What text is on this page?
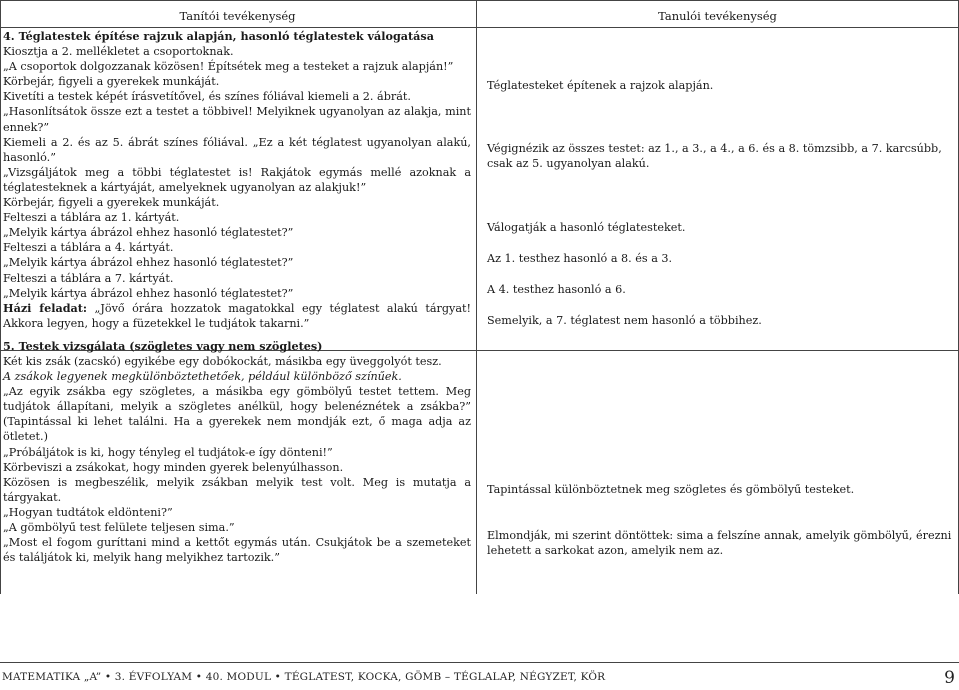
Tanítói tevékenység	Tanulói tevékenység

4. Téglatestek építése rajzuk alapján, hasonló téglatestek válogatása

Kiosztja a 2. mellékletet a csoportoknak.

„A csoportok dolgozzanak közösen! Építsétek meg a testeket a rajzuk alapján!”

Körbejár, figyeli a gyerekek munkáját.

Kivetíti a testek képét írásvetítővel, és színes fóliával kiemeli a 2. ábrát.

„Hasonlítsátok össze ezt a testet a többivel! Melyiknek ugyanolyan az alakja, mint ennek?”

Kiemeli a 2. és az 5. ábrát színes fóliával. „Ez a két téglatest ugyanolyan alakú, hasonló.”

„Vizsgáljátok meg a többi téglatestet is! Rakjátok egymás mellé azoknak a téglatesteknek a kártyáját, amelyeknek ugyanolyan az alakjuk!”

Körbejár, figyeli a gyerekek munkáját.

Felteszi a táblára az 1. kártyát.

„Melyik kártya ábrázol ehhez hasonló téglatestet?”

Felteszi a táblára a 4. kártyát.

„Melyik kártya ábrázol ehhez hasonló téglatestet?”

Felteszi a táblára a 7. kártyát.

„Melyik kártya ábrázol ehhez hasonló téglatestet?”

Házi feladat: „Jövő órára hozzatok magatokkal egy téglatest alakú tárgyat! Akkora legyen, hogy a füzetekkel le tudjátok takarni.”

5. Testek vizsgálata (szögletes vagy nem szögletes)

Két kis zsák (zacskó) egyikébe egy dobókockát, másikba egy üveggolyót tesz.

A zsákok legyenek megkülönböztethetőek, például különböző színűek.

„Az egyik zsákba egy szögletes, a másikba egy gömbölyű testet tettem. Meg tudjátok állapítani, melyik a szögletes anélkül, hogy belenéznétek a zsákba?” (Tapintással ki lehet találni. Ha a gyerekek nem mondják ezt, ő maga adja az ötletet.)

„Próbáljátok is ki, hogy tényleg el tudjátok-e így dönteni!”

Körbeviszi a zsákokat, hogy minden gyerek belenyúlhasson.

Közösen is megbeszélik, melyik zsákban melyik test volt. Meg is mutatja a tárgyakat.

„Hogyan tudtátok eldönteni?”

„A gömbölyű test felülete teljesen sima.”

„Most el fogom guríttani mind a kettőt egymás után. Csukjátok be a szemeteket és találjátok ki, melyik hang melyikhez tartozik.”

Téglatesteket építenek a rajzok alapján.
Végignézik az összes testet: az 1., a 3., a 4., a 6. és a 8. tömzsibb, a 7. karcsúbb, csak az 5. ugyanolyan alakú.
Válogatják a hasonló téglatesteket.
Az 1. testhez hasonló a 8. és a 3.
A 4. testhez hasonló a 6.
Semelyik, a 7. téglatest nem hasonló a többihez.
Tapintással különböztetnek meg szögletes és gömbölyű testeket.
Elmondják, mi szerint döntöttek: sima a felszíne annak, amelyik gömbölyű, érezni lehetett a sarkokat azon, amelyik nem az.
MATEMATIKA „A” • 3. ÉVFOLYAM • 40. MODUL • TÉGLATEST, KOCKA, GÖMB – TÉGLALAP, NÉGYZET, KÖR	9
